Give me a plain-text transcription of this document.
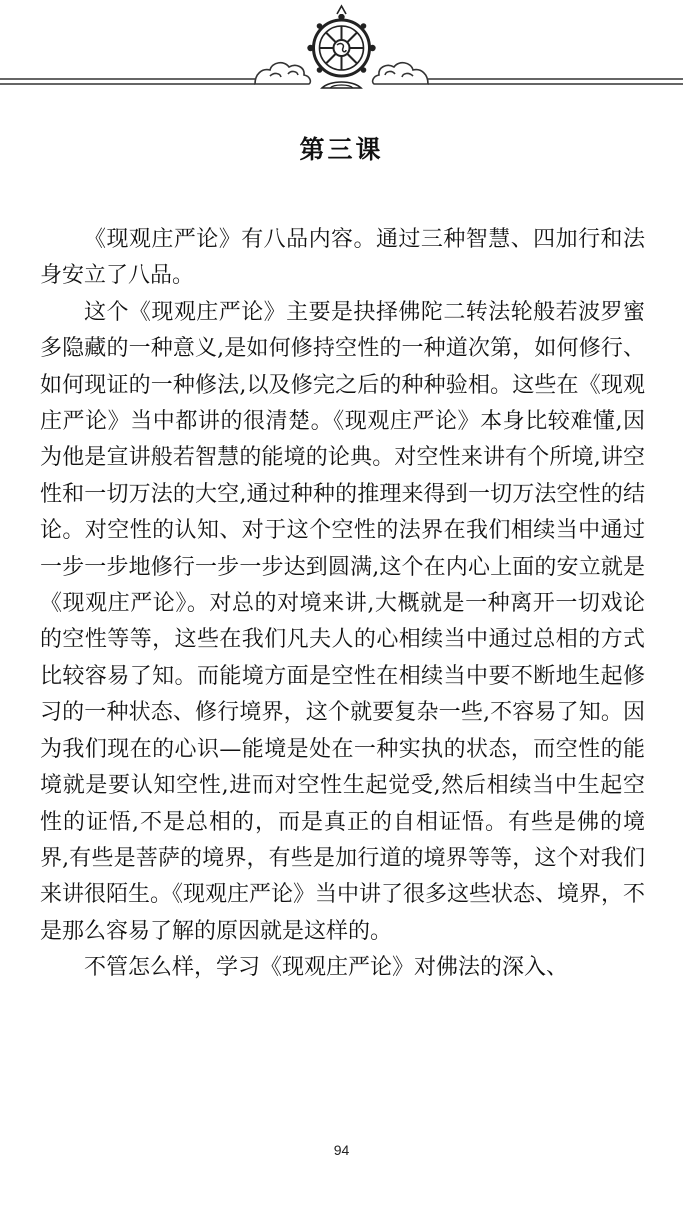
第三课

《现观庄严论》有八品内容。通过三种智慧、四加行和法身安立了八品。

这个《现观庄严论》主要是抉择佛陀二转法轮般若波罗蜜多隐藏的一种意义,是如何修持空性的一种道次第，如何修行、如何现证的一种修法,以及修完之后的种种验相。这些在《现观庄严论》当中都讲的很清楚。《现观庄严论》本身比较难懂,因为他是宣讲般若智慧的能境的论典。对空性来讲有个所境,讲空性和一切万法的大空,通过种种的推理来得到一切万法空性的结论。对空性的认知、对于这个空性的法界在我们相续当中通过一步一步地修行一步一步达到圆满,这个在内心上面的安立就是《现观庄严论》。对总的对境来讲,大概就是一种离开一切戏论的空性等等，这些在我们凡夫人的心相续当中通过总相的方式比较容易了知。而能境方面是空性在相续当中要不断地生起修习的一种状态、修行境界，这个就要复杂一些,不容易了知。因为我们现在的心识—能境是处在一种实执的状态，而空性的能境就是要认知空性,进而对空性生起觉受,然后相续当中生起空性的证悟,不是总相的，而是真正的自相证悟。有些是佛的境界,有些是菩萨的境界，有些是加行道的境界等等，这个对我们来讲很陌生。《现观庄严论》当中讲了很多这些状态、境界，不是那么容易了解的原因就是这样的。

不管怎么样，学习《现观庄严论》对佛法的深入、

94
